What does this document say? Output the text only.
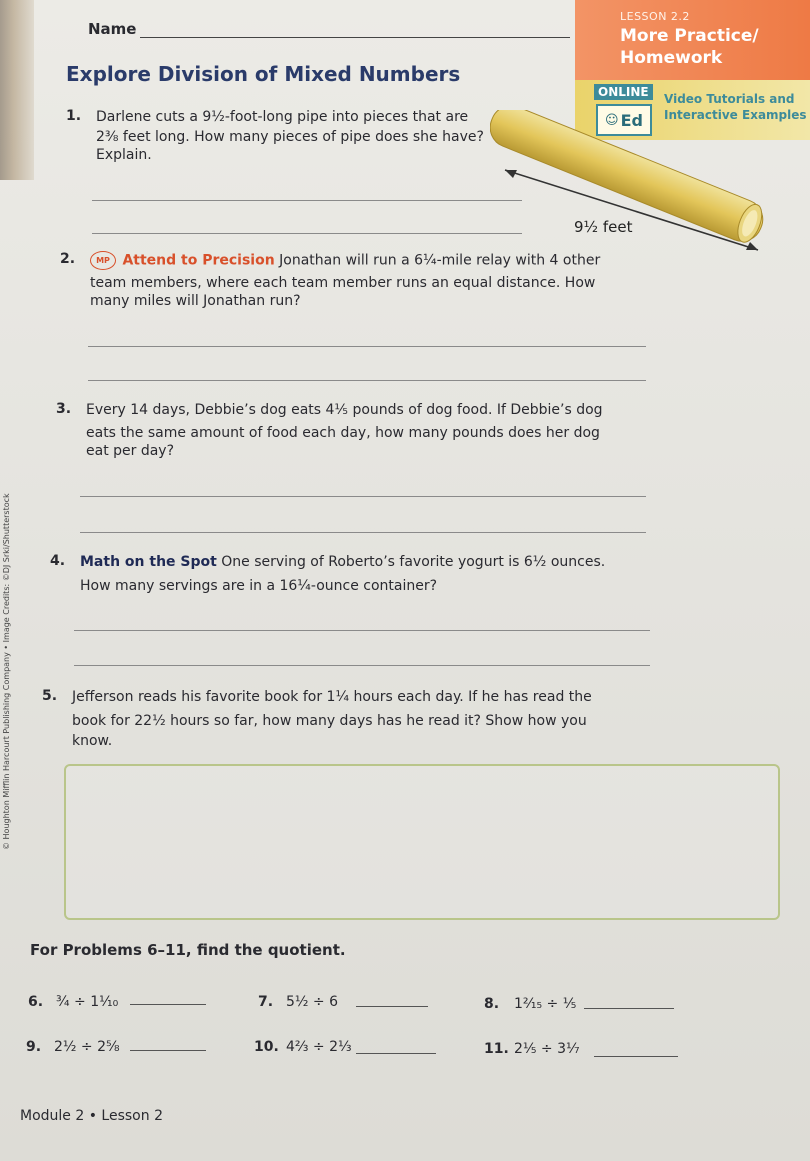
Name
LESSON 2.2
More Practice/
Homework
ONLINE
☺ Ed
Video Tutorials and
Interactive Examples
Explore Division of Mixed Numbers
9½ feet
1. Darlene cuts a 9½-foot-long pipe into pieces that are
2⅜ feet long. How many pieces of pipe does she have?
Explain.
2.	MP Attend to Precision Jonathan will run a 6¼-mile relay with 4 other
team members, where each team member runs an equal distance. How
many miles will Jonathan run?
3. Every 14 days, Debbie’s dog eats 4⅕ pounds of dog food. If Debbie’s dog
eats the same amount of food each day, how many pounds does her dog
eat per day?
4. Math on the Spot One serving of Roberto’s favorite yogurt is 6½ ounces.
How many servings are in a 16¼-ounce container?
5. Jefferson reads his favorite book for 1¼ hours each day. If he has read the
book for 22½ hours so far, how many days has he read it? Show how you
know.
For Problems 6–11, find the quotient.
6. ¾ ÷ 1¹⁄₁₀	7. 5½ ÷ 6	8. 1²⁄₁₅ ÷ ⅕
9. 2½ ÷ 2⅝	10. 4⅔ ÷ 2⅓	11. 2⅕ ÷ 3⅐
Module 2 • Lesson 2
© Houghton Mifflin Harcourt Publishing Company • Image Credits: ©DJ Srki/Shutterstock
